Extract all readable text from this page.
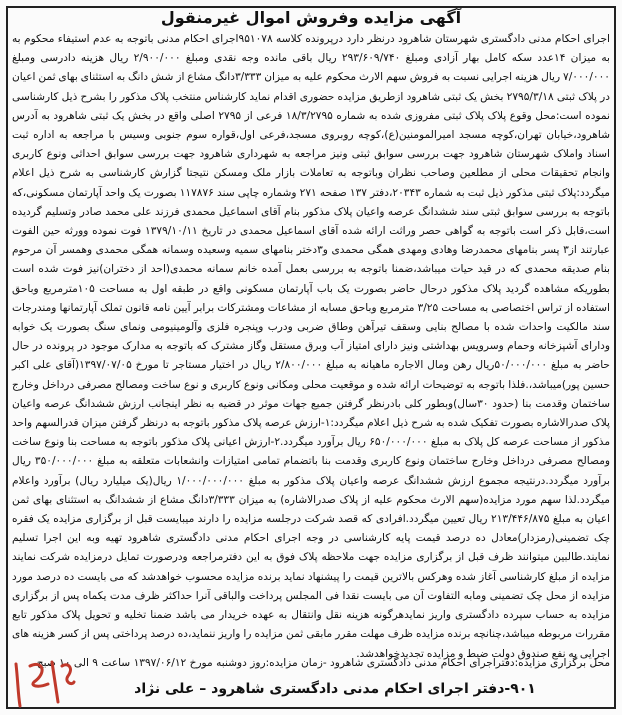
آگهی مزایده وفروش اموال غیرمنقول
اجرای احکام مدنی دادگستری شهرستان شاهرود درنظر دارد درپرونده کلاسه ۹۵۱۰۷۸اجرای احکام مدنی باتوجه به عدم استیفاء محکوم به به میزان ۱۴عدد سکه کامل بهار آزادی ومبلغ ۲۹۳/۶۰۹/۷۴۰ ریال باقی مانده وجه نقدی ومبلغ ۲/۹۰۰/۰۰۰ ریال هزینه دادرسی ومبلغ ۷/۰۰۰/۰۰۰ ریال هزینه اجرایی نسبت به فروش سهم الارث محکوم علیه به میزان ۳/۳۳۳دانگ مشاع از شش دانگ به استثنای بهای ثمن اعیان در پلاک ثبتی ۲۷۹۵/۳/۱۸ بخش یک ثبتی شاهرود ازطریق مزایده حضوری اقدام نماید کارشناس منتخب پلاک مذکور را بشرح ذیل کارشناسی نموده است:محل وقوع پلاک پلاک ثبتی مفروزی شده به شماره ۱۸/۳/۲۷۹۵ فرعی از ۲۷۹۵ اصلی واقع در بخش یک ثبتی شاهرود به آدرس شاهرود،خیابان تهران،کوچه مسجد امیرالمومنین(ع)،کوچه روبروی مسجد،فرعی اول،قواره سوم جنوبی وسیس با مراجعه به اداره ثبت اسناد واملاک شهرستان شاهرود جهت بررسی سوابق ثبتی ونیز مراجعه به شهرداری شاهرود جهت بررسی سوابق احداثی ونوع کاربری وانجام تحقیقات محلی از مطلعین وصاحب نظران وباتوجه به تعاملات بازار ملک ومسکن نتیجتا گزارش کارشناسی به شرح ذیل اعلام میگردد:پلاک ثبتی مذکور ذیل ثبت به شماره ۲۰۳۴۳،دفتر ۱۳۷ صفحه ۲۷۱ وشماره چاپی سند ۱۱۷۸۷۶ بصورت یک واحد آپارتمان مسکونی،که باتوجه به بررسی سوابق ثبتی سند ششدانگ عرصه واعیان پلاک مذکور بنام آقای اسماعیل محمدی فرزند علی محمد صادر وتسلیم گردیده است،قابل ذکر است باتوجه به گواهی حصر وراثت ارائه شده آقای اسماعیل محمدی در تاریخ ۱۳۷۹/۱۰/۱۱ فوت نموده وورثه حین الفوت عبارتند از۳ پسر بنامهای محمدرضا وهادی ومهدی همگی محمدی و۳دختر بنامهای سمیه وسعیده وسمانه همگی محمدی وهمسر آن مرحوم بنام صدیقه محمدی که در قید حیات میباشد،ضمنا باتوجه به بررسی بعمل آمده خانم سمانه محمدی(احد از دختران)نیز فوت شده است بطوریکه مشاهده گردید پلاک مذکور درحال حاضر بصورت یک باب آپارتمان مسکونی واقع در طبقه اول به مساحت ۱۰۵مترمربع وباحق استفاده از تراس اختصاصی به مساحت ۳/۲۵ مترمربع وباحق مسابه از مشاعات ومشترکات برابر آیین نامه قانون تملک آپارتمانها ومندرجات سند مالکیت واحدات شده با مصالح بنایی وسقف تیرآهن وطاق ضربی ودرب وپنجره فلزی وآلومینیومی ونمای سنگ بصورت یک خوابه ودارای آشپزخانه وحمام وسرویس بهداشتی ونیز دارای امتیاز آب وبرق مستقل وگاز مشترک که باتوجه به مدارک موجود در پرونده در حال حاضر به مبلغ ۵۰/۰۰۰/۰۰۰ریال رهن ومال الاجاره ماهیانه به مبلغ ۲/۸۰۰/۰۰۰ ریال در اختیار مستاجر تا مورخ ۱۳۹۷/۰۷/۰۵(آقای علی اکبر حسین پور)میباشد،.فلذا باتوجه به توضیحات ارائه شده و موقعیت محلی ومکانی ونوع کاربری و نوع ساخت ومصالح مصرفی درداخل وخارج ساختمان وقدمت بنا (حدود ۳۰سال)وبطور کلی بادرنظر گرفتن جمیع جهات موثر در قضیه به نظر اینجانب ارزش ششدانگ عرصه واعیان پلاک صدرالاشاره بصورت تفکیک شده به شرح ذیل اعلام میگردد:۱-ارزش عرصه پلاک مذکور باتوجه به درنظر گرفتن میزان قدرالسهم واحد مذکور از مساحت عرصه کل پلاک به مبلغ ۶۵۰/۰۰۰/۰۰۰ ریال برآورد میگردد.۲-ارزش اعیانی پلاک مذکور باتوجه به مساحت بنا ونوع ساخت ومصالح مصرفی درداخل وخارج ساختمان ونوع کاربری وقدمت بنا باتضمام تمامی امتیازات وانشعابات متعلقه به مبلغ ۳۵۰/۰۰۰/۰۰۰ ریال برآورد میگردد.درنتیجه مجموع ارزش ششدانگ عرصه واعیان پلاک مذکور به مبلغ ۱/۰۰۰/۰۰۰/۰۰۰ ریال(یک میلیارد ریال) برآورد واعلام میگردد.لذا سهم مورد مزایده(سهم الارث محکوم علیه از پلاک صدرالاشاره) به میزان ۳/۳۳۳دانگ مشاع از ششدانگ به استثنای بهای ثمن اعیان به مبلغ ۲۱۳/۴۴۶/۸۷۵ ریال تعیین میگردد.افرادی که قصد شرکت درجلسه مزایده را دارند میبایست قبل از برگزاری مزایده یک فقره چک تضمینی(رمزدار)معادل ده درصد قیمت پایه کارشناسی در وجه اجرای احکام مدنی دادگستری شاهرود تهیه وبه این اجرا تسلیم نمایند.طالبین میتوانند ظرف قبل از برگزاری مزایده جهت ملاحظه پلاک فوق به این دفترمراجعه ودرصورت تمایل درمزایده شرکت نمایند مزایده از مبلغ کارشناسی آغاز شده وهرکس بالاترین قیمت را پیشنهاد نماید برنده مزایده محسوب خواهدشد که می بایست ده درصد مورد مزایده از محل چک تضمینی ومابه التفاوت آن می بایست نقدا فی المجلس پرداخت والباقی آنرا حداکثر ظرف مدت یکماه پس از برگزاری مزایده به حساب سپرده دادگستری واریز نمایدهرگونه هزینه نقل وانتقال به عهده خریدار می باشد ضمنا تخلیه و تحویل پلاک مذکور تابع مقررات مربوطه میباشد،چنانچه برنده مزایده ظرف مهلت مقرر مابقی ثمن مزایده را واریز ننماید،ده درصد پرداختی پس از کسر هزینه های اجرایی به نفع صندوق دولت ضبط و مزایده تجدیدخواهدشد.
محل برگزاری مزایده:دفتراجرای احکام مدنی دادگستری شاهرود -زمان مزایده:روز دوشنبه مورخ ۱۳۹۷/۰۶/۱۲ ساعت ۹ الی ۱۰ صبح
۹۰۱-دفتر اجرای احکام مدنی دادگستری شاهرود – علی نژاد
